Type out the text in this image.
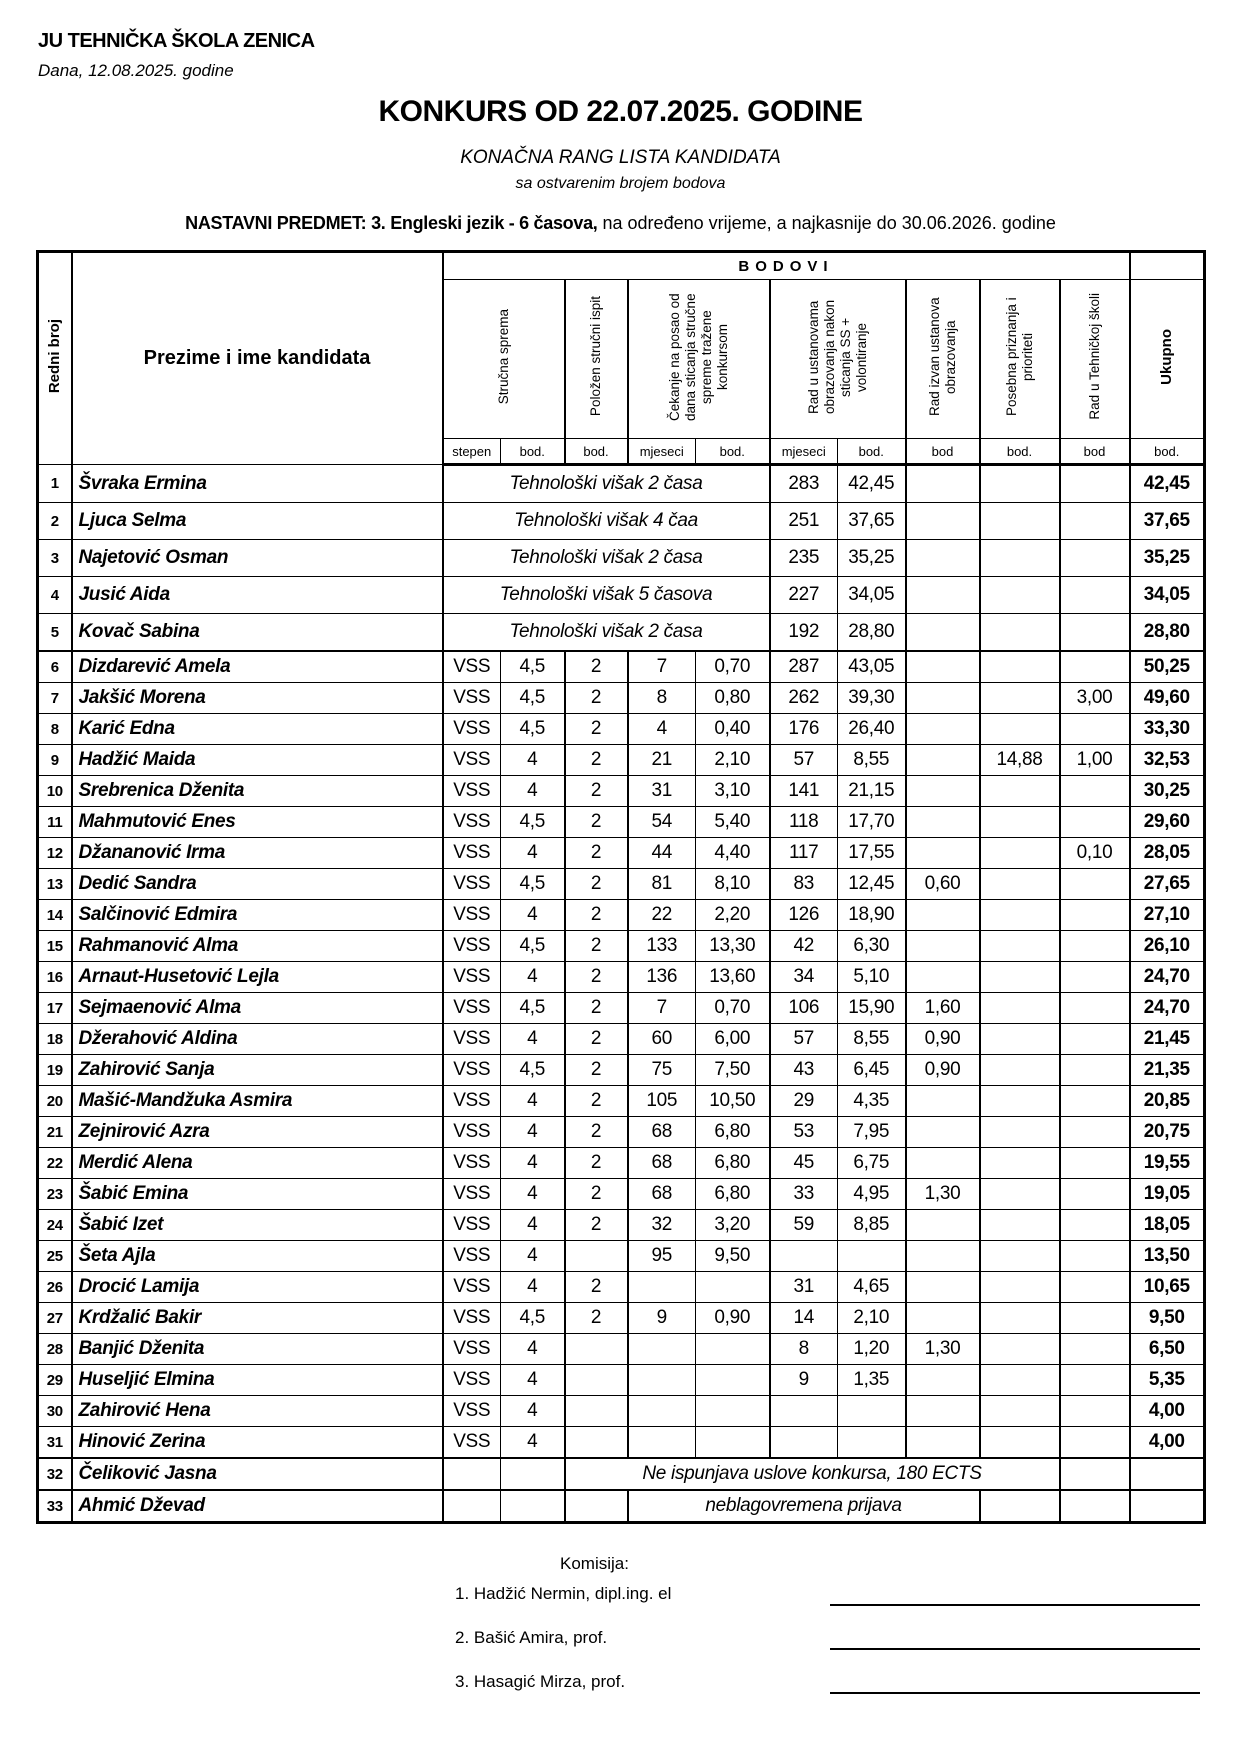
JU TEHNIČKA ŠKOLA ZENICA
Dana, 12.08.2025. godine
KONKURS OD 22.07.2025. GODINE
KONAČNA RANG LISTA KANDIDATA
sa ostvarenim brojem bodova
NASTAVNI PREDMET: 3. Engleski jezik - 6 časova, na određeno vrijeme, a najkasnije do 30.06.2026. godine
Redni broj	Prezime i ime kandidata	BODOVI										
		Stručna sprema		Položen stručni ispit	Čekanje na posao od dana sticanja stručne spreme tražene konkursom		Rad u ustanovama obrazovanja nakon sticanja SS + volontiranje		Rad izvan ustanova obrazovanja	Posebna priznanja i prioriteti	Rad u Tehničkoj školi	Ukupno
		stepen	bod.	bod.	mjeseci	bod.	mjeseci	bod.	bod	bod.	bod	bod.
1	Švraka Ermina	Tehnološki višak 2 časa					283	42,45				42,45
2	Ljuca Selma	Tehnološki višak 4 čaa					251	37,65				37,65
3	Najetović Osman	Tehnološki višak 2 časa					235	35,25				35,25
4	Jusić Aida	Tehnološki višak 5 časova					227	34,05				34,05
5	Kovač Sabina	Tehnološki višak 2 časa					192	28,80				28,80
6	Dizdarević Amela	VSS	4,5	2	7	0,70	287	43,05				50,25
7	Jakšić Morena	VSS	4,5	2	8	0,80	262	39,30			3,00	49,60
8	Karić Edna	VSS	4,5	2	4	0,40	176	26,40				33,30
9	Hadžić Maida	VSS	4	2	21	2,10	57	8,55		14,88	1,00	32,53
10	Srebrenica Dženita	VSS	4	2	31	3,10	141	21,15				30,25
11	Mahmutović Enes	VSS	4,5	2	54	5,40	118	17,70				29,60
12	Džananović Irma	VSS	4	2	44	4,40	117	17,55			0,10	28,05
13	Dedić Sandra	VSS	4,5	2	81	8,10	83	12,45	0,60			27,65
14	Salčinović Edmira	VSS	4	2	22	2,20	126	18,90				27,10
15	Rahmanović Alma	VSS	4,5	2	133	13,30	42	6,30				26,10
16	Arnaut-Husetović Lejla	VSS	4	2	136	13,60	34	5,10				24,70
17	Sejmaenović Alma	VSS	4,5	2	7	0,70	106	15,90	1,60			24,70
18	Džerahović Aldina	VSS	4	2	60	6,00	57	8,55	0,90			21,45
19	Zahirović Sanja	VSS	4,5	2	75	7,50	43	6,45	0,90			21,35
20	Mašić-Mandžuka Asmira	VSS	4	2	105	10,50	29	4,35				20,85
21	Zejnirović Azra	VSS	4	2	68	6,80	53	7,95				20,75
22	Merdić Alena	VSS	4	2	68	6,80	45	6,75				19,55
23	Šabić Emina	VSS	4	2	68	6,80	33	4,95	1,30			19,05
24	Šabić Izet	VSS	4	2	32	3,20	59	8,85				18,05
25	Šeta Ajla	VSS	4		95	9,50						13,50
26	Drocić Lamija	VSS	4	2			31	4,65				10,65
27	Krdžalić Bakir	VSS	4,5	2	9	0,90	14	2,10				9,50
28	Banjić Dženita	VSS	4				8	1,20	1,30			6,50
29	Huseljić Elmina	VSS	4				9	1,35				5,35
30	Zahirović Hena	VSS	4									4,00
31	Hinović Zerina	VSS	4									4,00
32	Čeliković Jasna			Ne ispunjava uslove konkursa, 180 ECTS								
33	Ahmić Dževad				neblagovremena prijava							
Komisija:
1. Hadžić Nermin, dipl.ing. el
2. Bašić Amira, prof.
3. Hasagić Mirza, prof.
